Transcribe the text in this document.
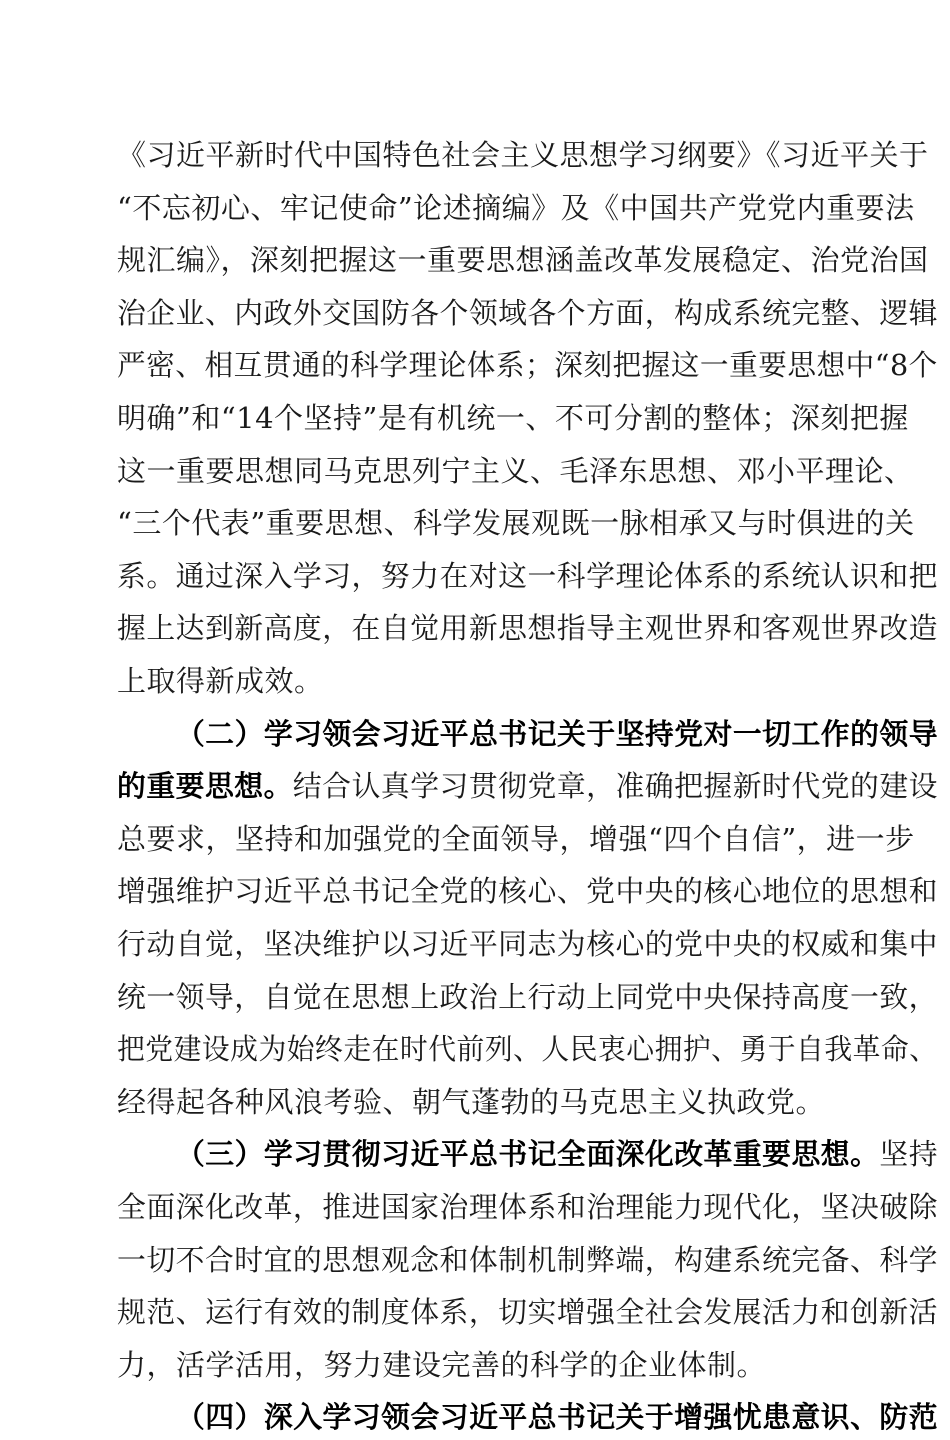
《习近平新时代中国特色社会主义思想学习纲要》《习近平关于
“不忘初心、牢记使命”论述摘编》及《中国共产党党内重要法
规汇编》，深刻把握这一重要思想涵盖改革发展稳定、治党治国
治企业、内政外交国防各个领域各个方面，构成系统完整、逻辑
严密、相互贯通的科学理论体系；深刻把握这一重要思想中“8个
明确”和“14个坚持”是有机统一、不可分割的整体；深刻把握
这一重要思想同马克思列宁主义、毛泽东思想、邓小平理论、
“三个代表”重要思想、科学发展观既一脉相承又与时俱进的关
系。通过深入学习，努力在对这一科学理论体系的系统认识和把
握上达到新高度，在自觉用新思想指导主观世界和客观世界改造
上取得新成效。
（二）学习领会习近平总书记关于坚持党对一切工作的领导
的重要思想。结合认真学习贯彻党章，准确把握新时代党的建设
总要求，坚持和加强党的全面领导，增强“四个自信”，进一步
增强维护习近平总书记全党的核心、党中央的核心地位的思想和
行动自觉，坚决维护以习近平同志为核心的党中央的权威和集中
统一领导，自觉在思想上政治上行动上同党中央保持高度一致，
把党建设成为始终走在时代前列、人民衷心拥护、勇于自我革命、
经得起各种风浪考验、朝气蓬勃的马克思主义执政党。
（三）学习贯彻习近平总书记全面深化改革重要思想。坚持
全面深化改革，推进国家治理体系和治理能力现代化，坚决破除
一切不合时宜的思想观念和体制机制弊端，构建系统完备、科学
规范、运行有效的制度体系，切实增强全社会发展活力和创新活
力，活学活用，努力建设完善的科学的企业体制。
（四）深入学习领会习近平总书记关于增强忧患意识、防范
